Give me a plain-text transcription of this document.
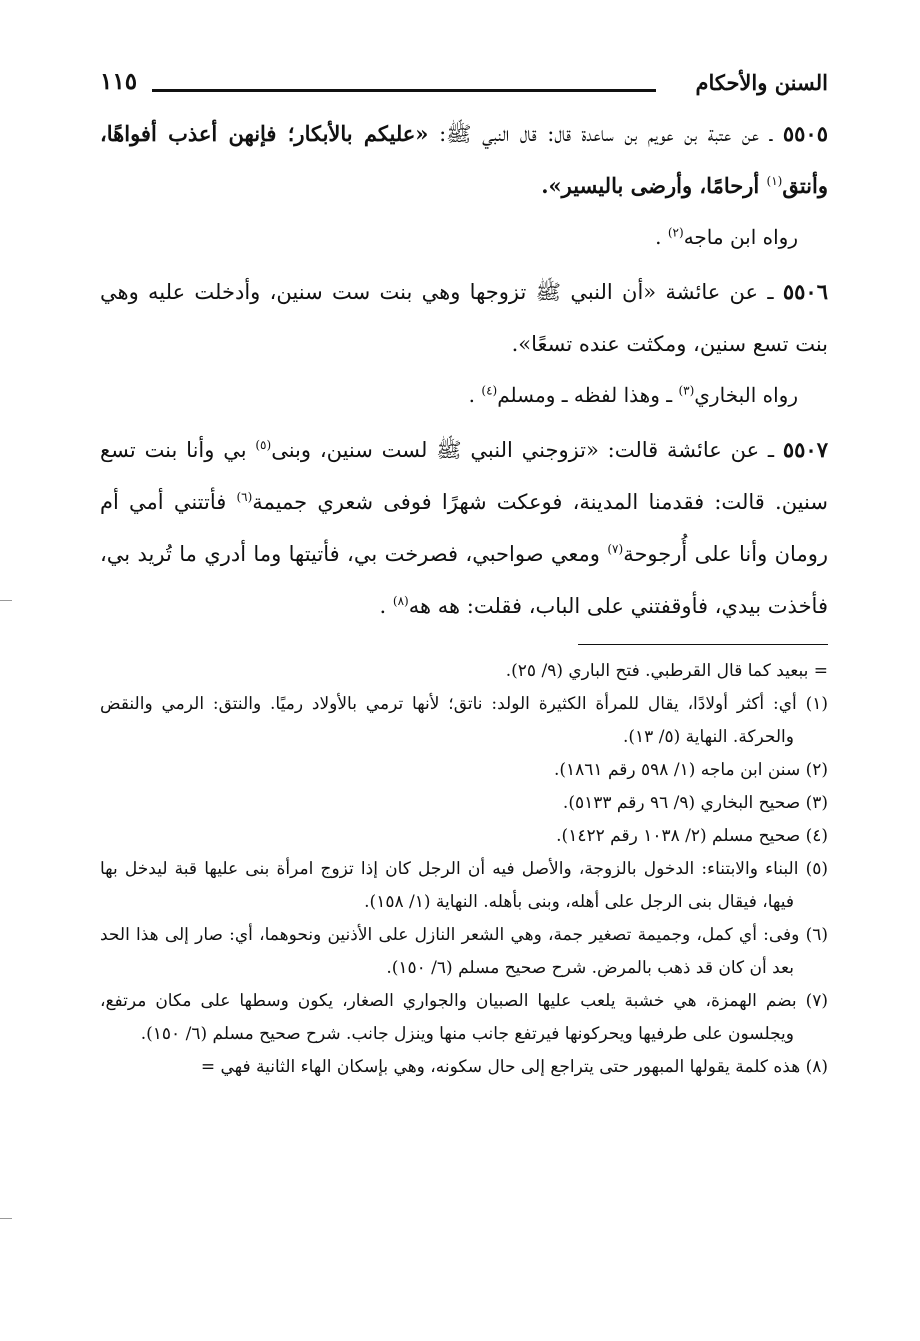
السنن والأحكام
١١٥

٥٥٠٥ ـ عن عتبة بن عويم بن ساعدة قال: قال النبي ﷺ: «عليكم بالأبكار؛ فإنهن أعذب أفواهًا، وأنتق$^{(١)}$ أرحامًا، وأرضى باليسير».

رواه ابن ماجه$^{(٢)}$ .

٥٥٠٦ ـ عن عائشة «أن النبي ﷺ تزوجها وهي بنت ست سنين، وأدخلت عليه وهي بنت تسع سنين، ومكثت عنده تسعًا».

رواه البخاري$^{(٣)}$ ـ وهذا لفظه ـ ومسلم$^{(٤)}$ .

٥٥٠٧ ـ عن عائشة قالت: «تزوجني النبي ﷺ لست سنين، وبنى$^{(٥)}$ بي وأنا بنت تسع سنين. قالت: فقدمنا المدينة، فوعكت شهرًا فوفى شعري جميمة$^{(٦)}$ فأتتني أمي أم رومان وأنا على أُرجوحة$^{(٧)}$ ومعي صواحبي، فصرخت بي، فأتيتها وما أدري ما تُريد بي، فأخذت بيدي، فأوقفتني على الباب، فقلت: هه هه$^{(٨)}$ .

= ببعيد كما قال القرطبي. فتح الباري (٩/ ٢٥).

(١) أي: أكثر أولادًا، يقال للمرأة الكثيرة الولد: ناتق؛ لأنها ترمي بالأولاد رميًا. والنتق: الرمي والنقض والحركة. النهاية (٥/ ١٣).

(٢) سنن ابن ماجه (١/ ٥٩٨ رقم ١٨٦١).

(٣) صحيح البخاري (٩/ ٩٦ رقم ٥١٣٣).

(٤) صحيح مسلم (٢/ ١٠٣٨ رقم ١٤٢٢).

(٥) البناء والابتناء: الدخول بالزوجة، والأصل فيه أن الرجل كان إذا تزوج امرأة بنى عليها قبة ليدخل بها فيها، فيقال بنى الرجل على أهله، وبنى بأهله. النهاية (١/ ١٥٨).

(٦) وفى: أي كمل، وجميمة تصغير جمة، وهي الشعر النازل على الأذنين ونحوهما، أي: صار إلى هذا الحد بعد أن كان قد ذهب بالمرض. شرح صحيح مسلم (٦/ ١٥٠).

(٧) بضم الهمزة، هي خشبة يلعب عليها الصبيان والجواري الصغار، يكون وسطها على مكان مرتفع، ويجلسون على طرفيها ويحركونها فيرتفع جانب منها وينزل جانب. شرح صحيح مسلم (٦/ ١٥٠).

(٨) هذه كلمة يقولها المبهور حتى يتراجع إلى حال سكونه، وهي بإسكان الهاء الثانية فهي =
